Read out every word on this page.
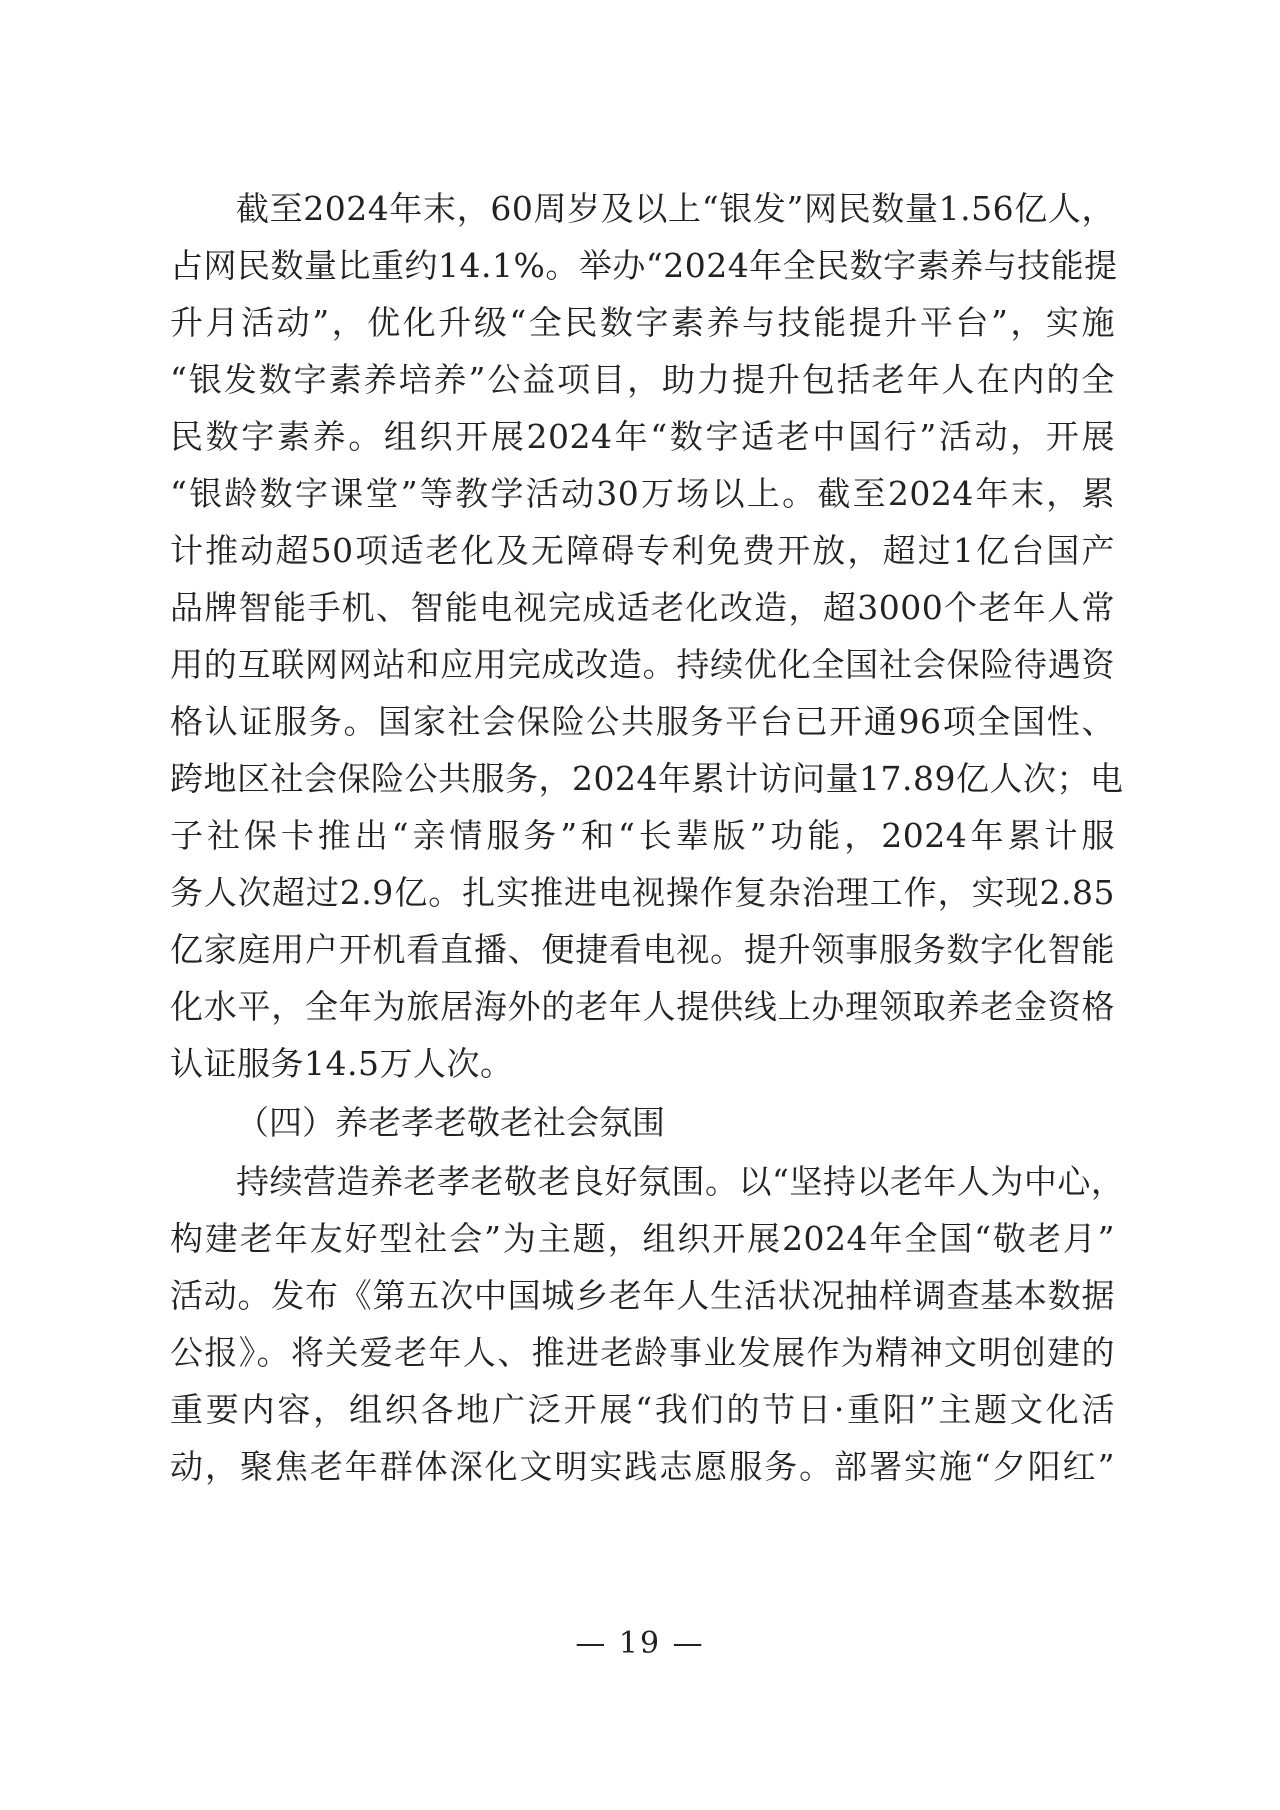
截至2024年末，60周岁及以上“银发”网民数量1.56亿人，
占网民数量比重约14.1%。举办“2024年全民数字素养与技能提
升月活动”，优化升级“全民数字素养与技能提升平台”，实施
“银发数字素养培养”公益项目，助力提升包括老年人在内的全
民数字素养。组织开展2024年“数字适老中国行”活动，开展
“银龄数字课堂”等教学活动30万场以上。截至2024年末，累
计推动超50项适老化及无障碍专利免费开放，超过1亿台国产
品牌智能手机、智能电视完成适老化改造，超3000个老年人常
用的互联网网站和应用完成改造。持续优化全国社会保险待遇资
格认证服务。国家社会保险公共服务平台已开通96项全国性、
跨地区社会保险公共服务，2024年累计访问量17.89亿人次；电
子社保卡推出“亲情服务”和“长辈版”功能，2024年累计服
务人次超过2.9亿。扎实推进电视操作复杂治理工作，实现2.85
亿家庭用户开机看直播、便捷看电视。提升领事服务数字化智能
化水平，全年为旅居海外的老年人提供线上办理领取养老金资格
认证服务14.5万人次。
（四）养老孝老敬老社会氛围
持续营造养老孝老敬老良好氛围。以“坚持以老年人为中心，
构建老年友好型社会”为主题，组织开展2024年全国“敬老月”
活动。发布《第五次中国城乡老年人生活状况抽样调查基本数据
公报》。将关爱老年人、推进老龄事业发展作为精神文明创建的
重要内容，组织各地广泛开展“我们的节日·重阳”主题文化活
动，聚焦老年群体深化文明实践志愿服务。部署实施“夕阳红”
— 19 —
